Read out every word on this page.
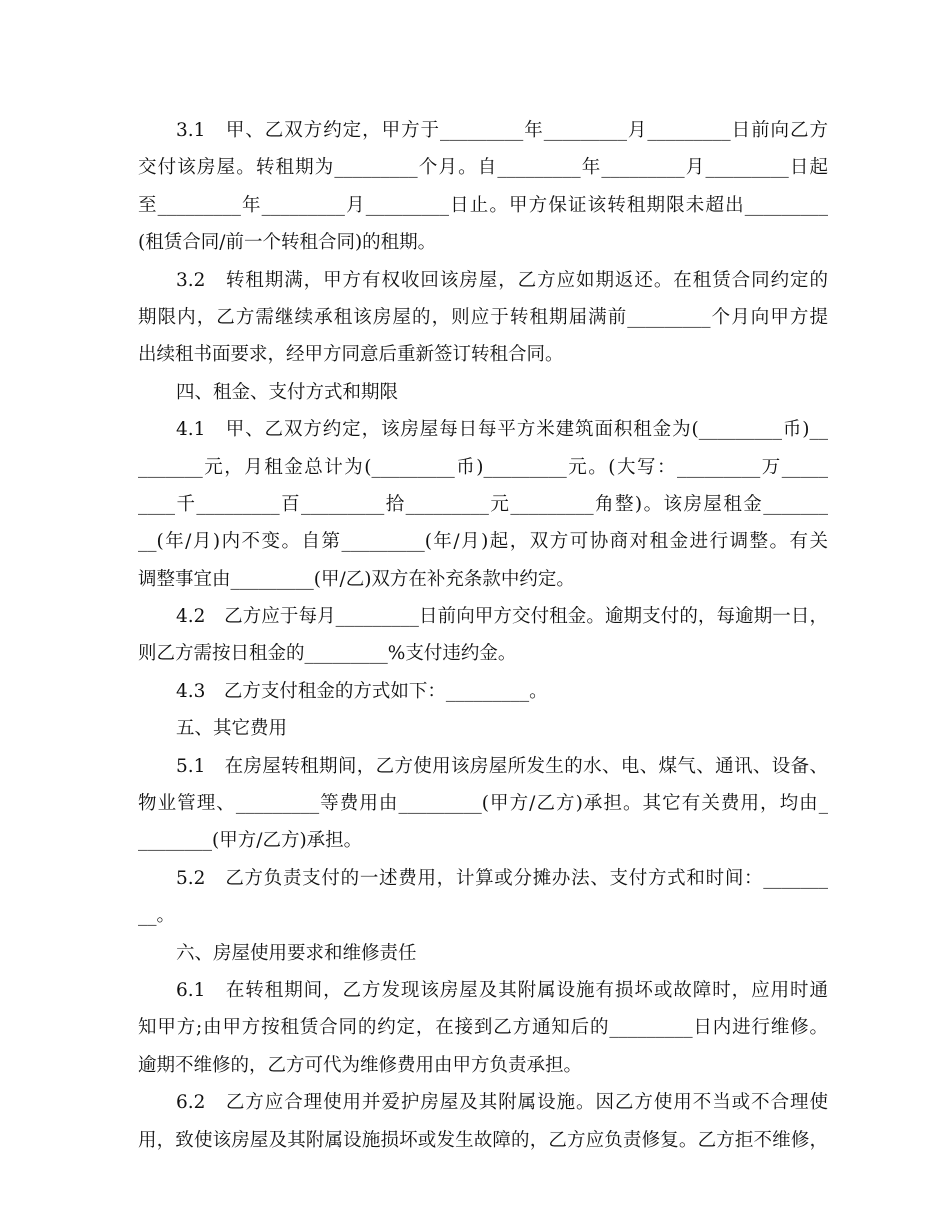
3.1　甲、乙双方约定，甲方于_________年_________月_________日前向乙方
交付该房屋。转租期为_________个月。自_________年_________月_________日起
至_________年_________月_________日止。甲方保证该转租期限未超出_________
(租赁合同/前一个转租合同)的租期。
3.2　转租期满，甲方有权收回该房屋，乙方应如期返还。在租赁合同约定的
期限内，乙方需继续承租该房屋的，则应于转租期届满前_________个月向甲方提
出续租书面要求，经甲方同意后重新签订转租合同。
四、租金、支付方式和期限
4.1　甲、乙双方约定，该房屋每日每平方米建筑面积租金为(_________币)__
_______元，月租金总计为(_________币)_________元。(大写：_________万_____
____千_________百_________拾_________元_________角整)。该房屋租金_______
__(年/月)内不变。自第_________(年/月)起，双方可协商对租金进行调整。有关
调整事宜由_________(甲/乙)双方在补充条款中约定。
4.2　乙方应于每月_________日前向甲方交付租金。逾期支付的，每逾期一日，
则乙方需按日租金的_________%支付违约金。
4.3　乙方支付租金的方式如下：_________。
五、其它费用
5.1　在房屋转租期间，乙方使用该房屋所发生的水、电、煤气、通讯、设备、
物业管理、_________等费用由_________(甲方/乙方)承担。其它有关费用，均由_
________(甲方/乙方)承担。
5.2　乙方负责支付的一述费用，计算或分摊办法、支付方式和时间：_______
__。
六、房屋使用要求和维修责任
6.1　在转租期间，乙方发现该房屋及其附属设施有损坏或故障时，应用时通
知甲方;由甲方按租赁合同的约定，在接到乙方通知后的_________日内进行维修。
逾期不维修的，乙方可代为维修费用由甲方负责承担。
6.2　乙方应合理使用并爱护房屋及其附属设施。因乙方使用不当或不合理使
用，致使该房屋及其附属设施损坏或发生故障的，乙方应负责修复。乙方拒不维修，
